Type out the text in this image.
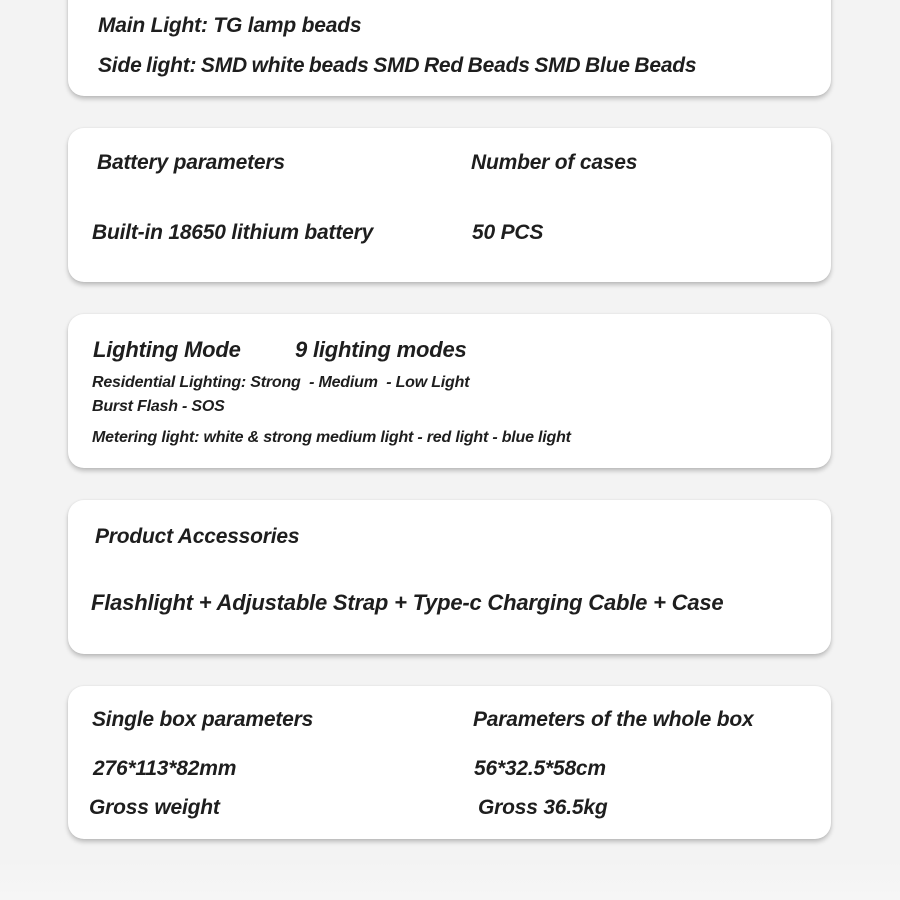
Main Light: TG lamp beads
Side light: SMD white beads SMD Red Beads SMD Blue Beads
Battery parameters	Number of cases
Built-in 18650 lithium battery	50 PCS
Lighting Mode 9 lighting modes
Residential Lighting: Strong  - Medium  - Low Light
Burst Flash - SOS
Metering light: white & strong medium light - red light - blue light
Product Accessories
Flashlight + Adjustable Strap + Type-c Charging Cable + Case
Single box parameters	Parameters of the whole box
276*113*82mm	56*32.5*58cm
Gross weight	Gross 36.5kg
